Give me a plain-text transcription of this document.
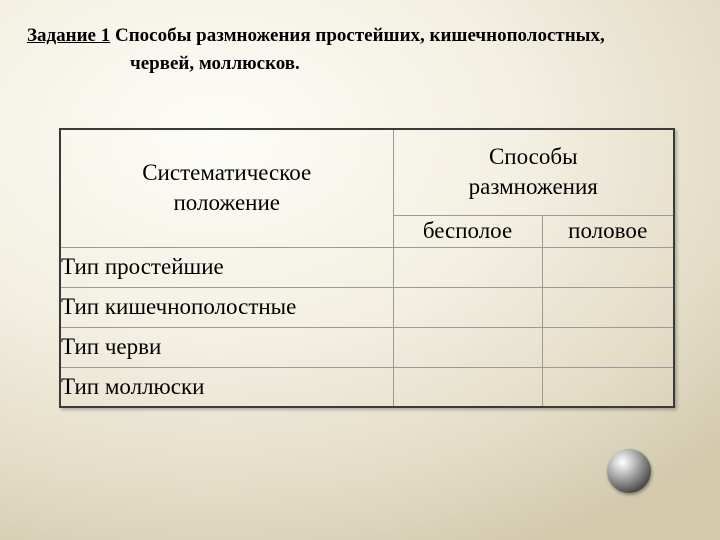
Задание 1 Способы размножения простейших, кишечнополостных,
червей, моллюсков.
Систематическое
положение	Способы
размножения	

	бесполое	половое
Тип простейшие		
Тип кишечнополостные		
Тип черви		
Тип моллюски		
